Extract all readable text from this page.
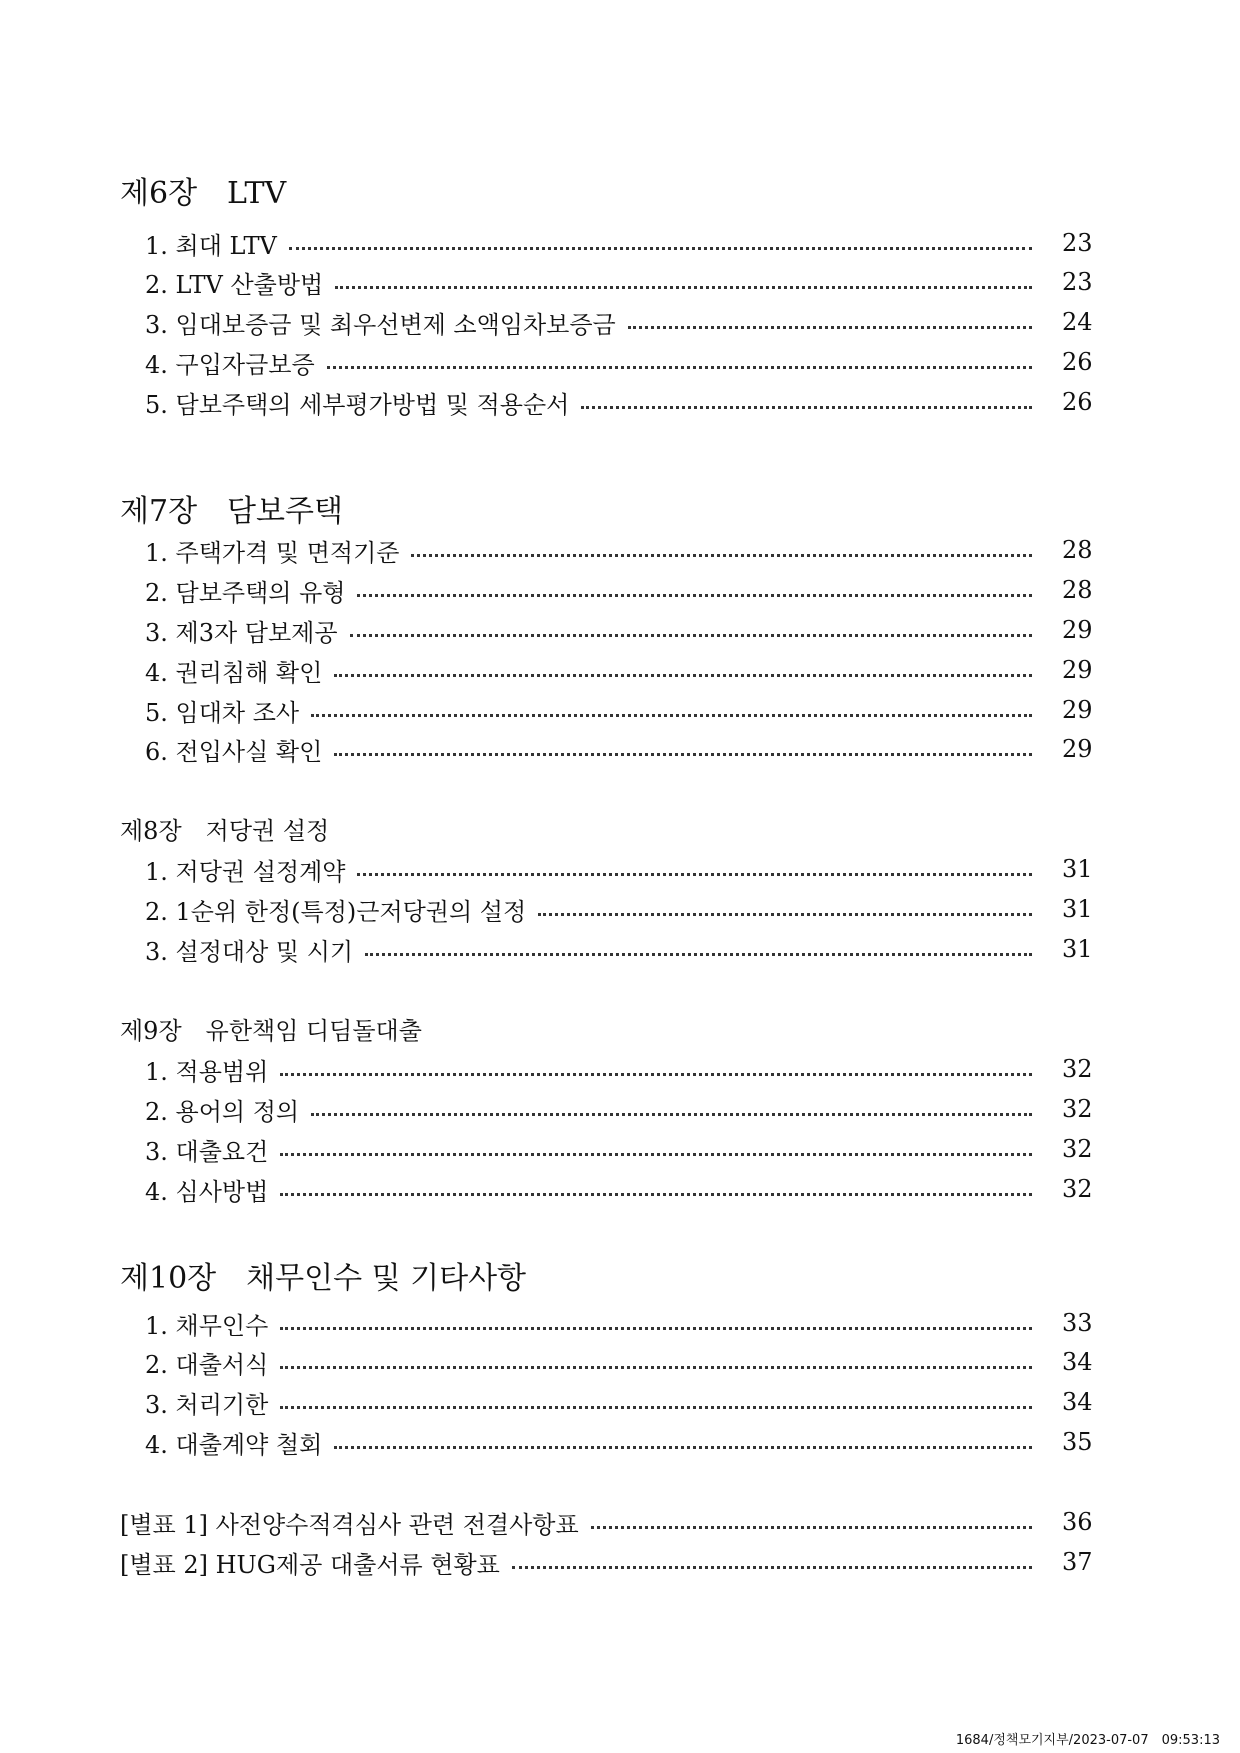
제6장　LTV
1. 최대 LTV	23
2. LTV 산출방법	23
3. 임대보증금 및 최우선변제 소액임차보증금	24
4. 구입자금보증	26
5. 담보주택의 세부평가방법 및 적용순서	26
제7장　담보주택
1. 주택가격 및 면적기준	28
2. 담보주택의 유형	28
3. 제3자 담보제공	29
4. 권리침해 확인	29
5. 임대차 조사	29
6. 전입사실 확인	29
제8장　저당권 설정
1. 저당권 설정계약	31
2. 1순위 한정(특정)근저당권의 설정	31
3. 설정대상 및 시기	31
제9장　유한책임 디딤돌대출
1. 적용범위	32
2. 용어의 정의	32
3. 대출요건	32
4. 심사방법	32
제10장　채무인수 및 기타사항
1. 채무인수	33
2. 대출서식	34
3. 처리기한	34
4. 대출계약 철회	35
[별표 1] 사전양수적격심사 관련 전결사항표	36
[별표 2] HUG제공 대출서류 현황표	37
1684/정책모기지부/2023-07-07　09:53:13
